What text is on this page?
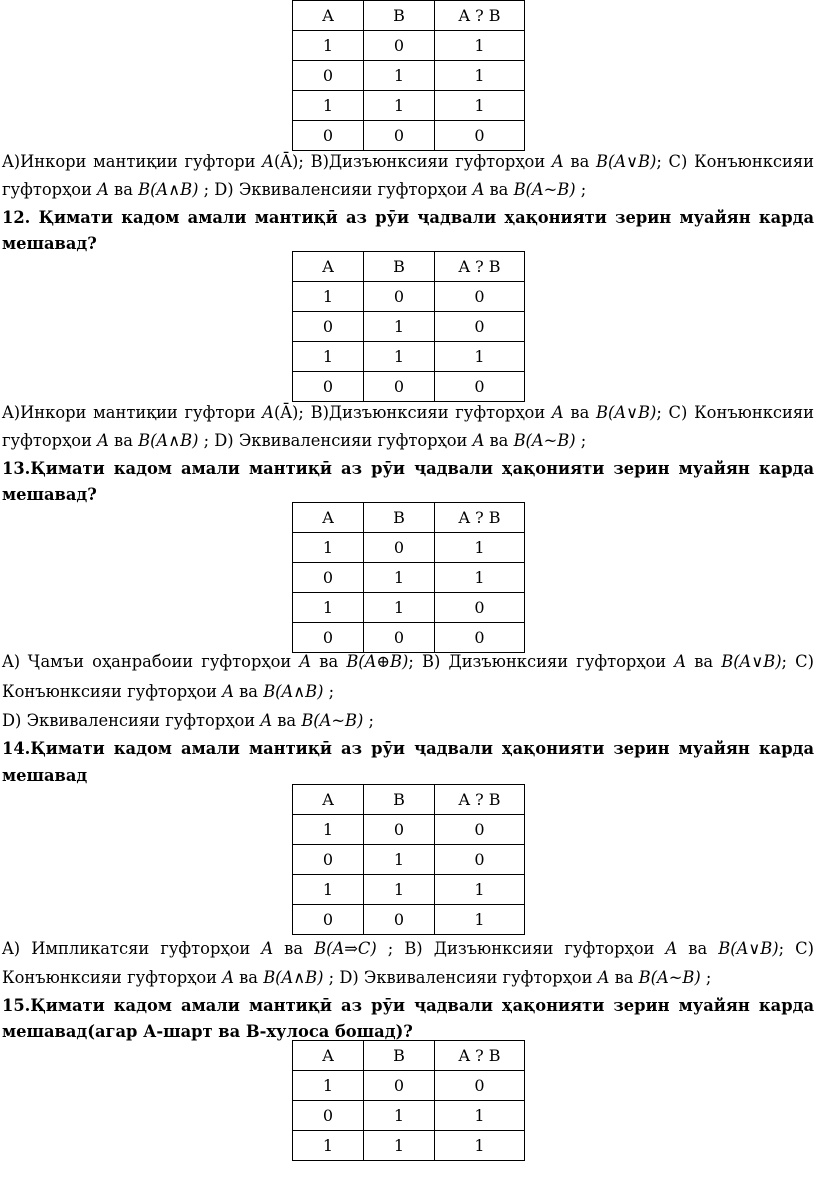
A	B	A ? B
1	0	1
0	1	1
1	1	1
0	0	0
A)Инкори мантиқии гуфтори A(Ā); B)Дизъюнксияи гуфторҳои A ва B(A∨B); C) Конъюнксияи
гуфторҳои A ва B(A∧B) ; D) Эквиваленсияи гуфторҳои A ва B(A~B) ;
12. Қимати кадом амали мантиқӣ аз рӯи ҷадвали ҳақонияти зерин муайян карда
мешавад?
A	B	A ? B
1	0	0
0	1	0
1	1	1
0	0	0
A)Инкори мантиқии гуфтори A(Ā); B)Дизъюнксияи гуфторҳои A ва B(A∨B); C) Конъюнксияи
гуфторҳои A ва B(A∧B) ; D) Эквиваленсияи гуфторҳои A ва B(A~B) ;
13.Қимати кадом амали мантиқӣ аз рӯи ҷадвали ҳақонияти зерин муайян карда
мешавад?
A	B	A ? B
1	0	1
0	1	1
1	1	0
0	0	0
A) Ҷамъи оҳанрабоии гуфторҳои A ва B(A⊕B); B) Дизъюнксияи гуфторҳои A ва B(A∨B); C)
Конъюнксияи гуфторҳои A ва B(A∧B) ;
D) Эквиваленсияи гуфторҳои A ва B(A~B) ;
14.Қимати кадом амали мантиқӣ аз рӯи ҷадвали ҳақонияти зерин муайян карда
мешавад
A	B	A ? B
1	0	0
0	1	0
1	1	1
0	0	1
A) Импликатсяи гуфторҳои A ва B(A⇒C) ; B) Дизъюнксияи гуфторҳои A ва B(A∨B); C)
Конъюнксияи гуфторҳои A ва B(A∧B) ; D) Эквиваленсияи гуфторҳои A ва B(A~B) ;
15.Қимати кадом амали мантиқӣ аз рӯи ҷадвали ҳақонияти зерин муайян карда
мешавад(агар А-шарт ва В-хулоса бошад)?
A	B	A ? B
1	0	0
0	1	1
1	1	1
